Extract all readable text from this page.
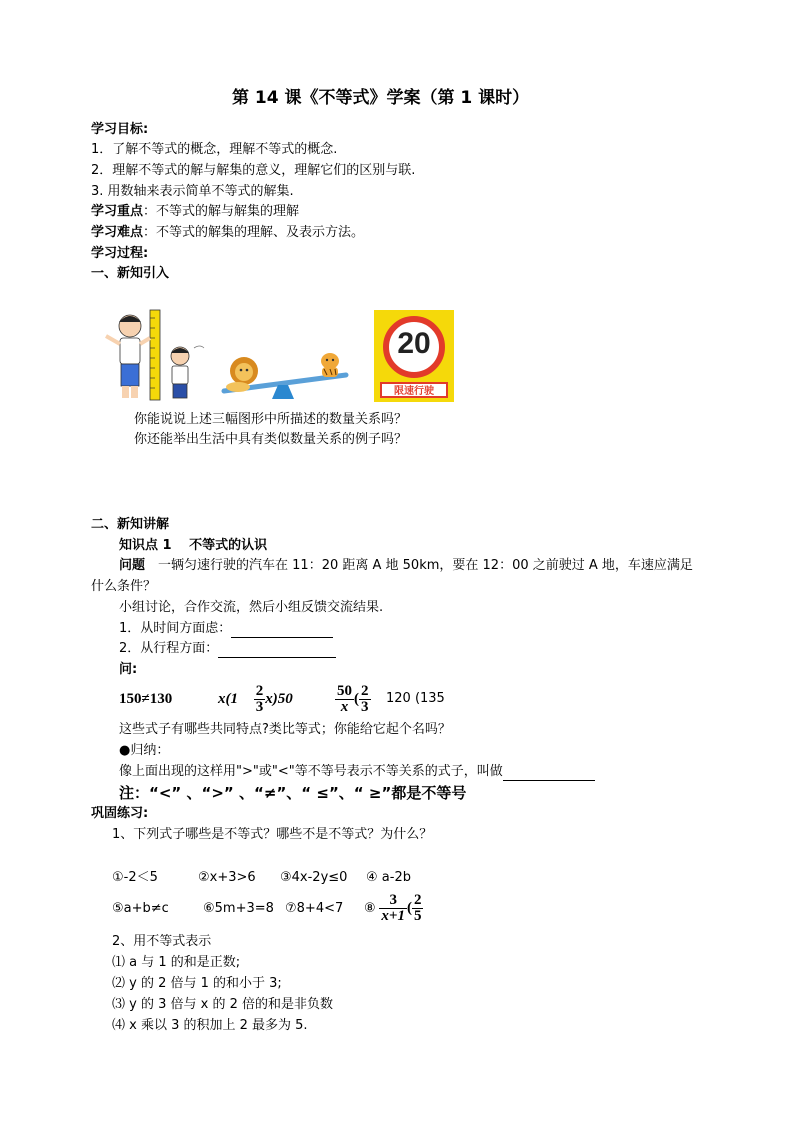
第 14 课《不等式》学案（第 1 课时）
学习目标:
1．了解不等式的概念，理解不等式的概念.
2．理解不等式的解与解集的意义，理解它们的区别与联.
3. 用数轴来表示简单不等式的解集.
学习重点：不等式的解与解集的理解
学习难点：不等式的解集的理解、及表示方法。
学习过程:
一、新知引入
20
限速行驶
你能说说上述三幅图形中所描述的数量关系吗？
你还能举出生活中具有类似数量关系的例子吗？
二、新知讲解
知识点 1　 不等式的认识
问题　一辆匀速行驶的汽车在 11：20 距离 A 地 50km，要在 12：00 之前驶过 A 地，车速应满足
什么条件？
小组讨论，合作交流，然后小组反馈交流结果.
1．从时间方面虑：
2．从行程方面：
问:
150≠130	$x(1 \frac{2}{3} x)50$	$\frac{50}{x}$ ( $\frac{2}{3} 120$ (135
这些式子有哪些共同特点?类比等式；你能给它起个名吗？
●归纳：
像上面出现的这样用">"或"<"等不等号表示不等关系的式子，叫做
注：“<” 、“>” 、“≠”、“ ≤”、“ ≥”都是不等号
巩固练习:
1、下列式子哪些是不等式？哪些不是不等式？为什么？
①-2＜5	②x+3>6 ③4x-2y≤0 ④ a-2b
⑤a+b≠c	⑥5m+3=8 ⑦8+4<7 ⑧ $\frac{3}{x+1}$ ( $\frac{2}{5}$
2、用不等式表示
⑴ a 与 1 的和是正数;
⑵ y 的 2 倍与 1 的和小于 3;
⑶ y 的 3 倍与 x 的 2 倍的和是非负数
⑷ x 乘以 3 的积加上 2 最多为 5.
